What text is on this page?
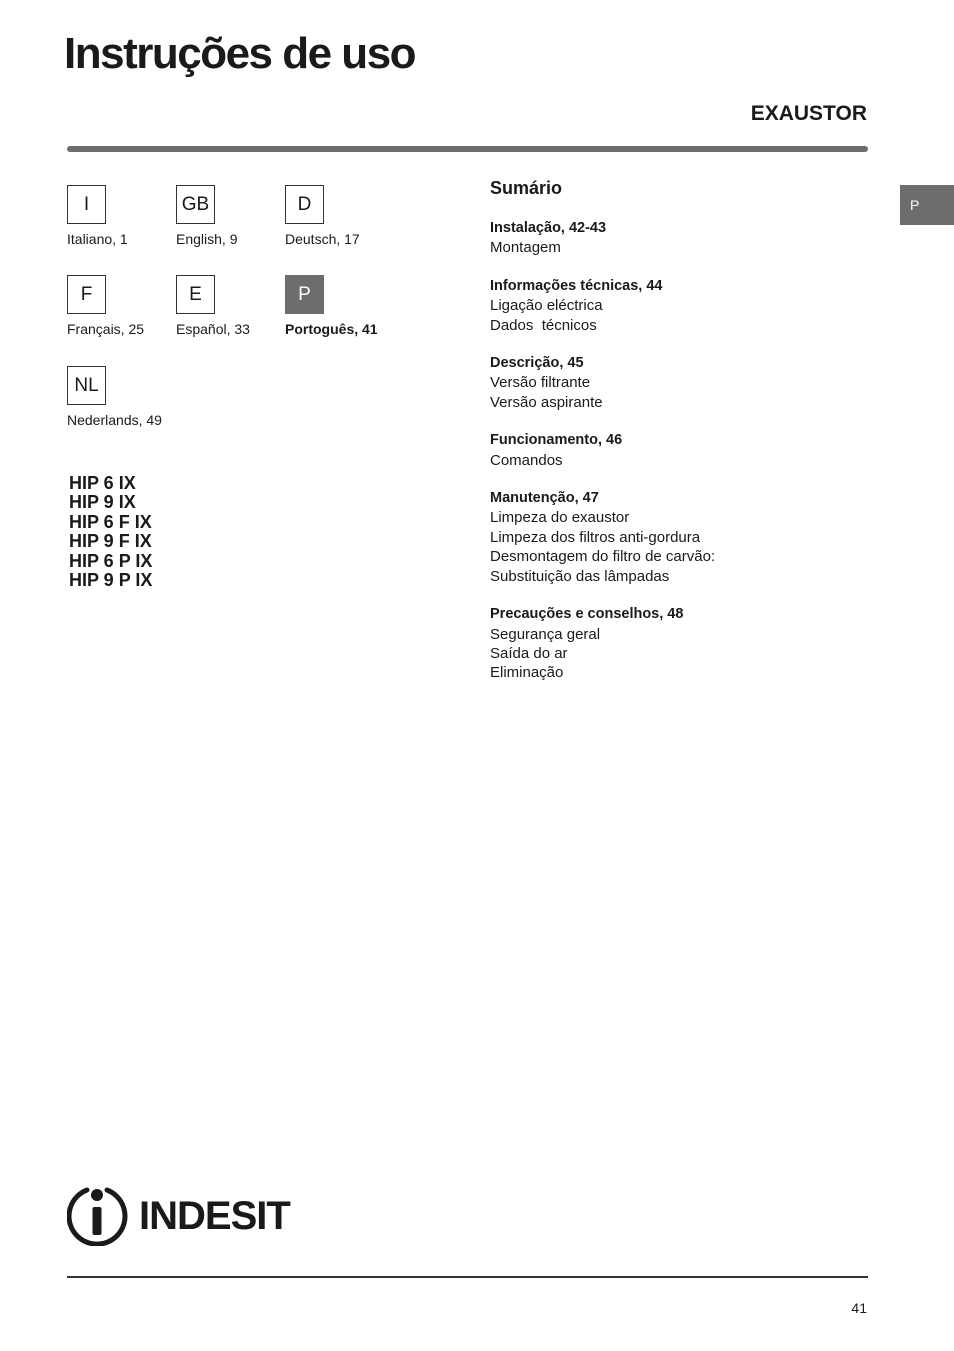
Instruções de uso
EXAUSTOR
P
I
Italiano, 1
GB
English, 9
D
Deutsch, 17
F
Français, 25
E
Español, 33
P
Portoguês, 41
NL
Nederlands, 49
HIP 6 IX
HIP 9 IX
HIP 6 F IX
HIP 9 F IX
HIP 6 P IX
HIP 9 P IX
Sumário
Instalação, 42-43
Montagem
Informações técnicas, 44
Ligação eléctrica
Dados  técnicos
Descrição, 45
Versão filtrante
Versão aspirante
Funcionamento, 46
Comandos
Manutenção, 47
Limpeza do exaustor
Limpeza dos filtros anti-gordura
Desmontagem do filtro de carvão:
Substituição das lâmpadas
Precauções e conselhos, 48
Segurança geral
Saída do ar
Eliminação
INDESIT
41
